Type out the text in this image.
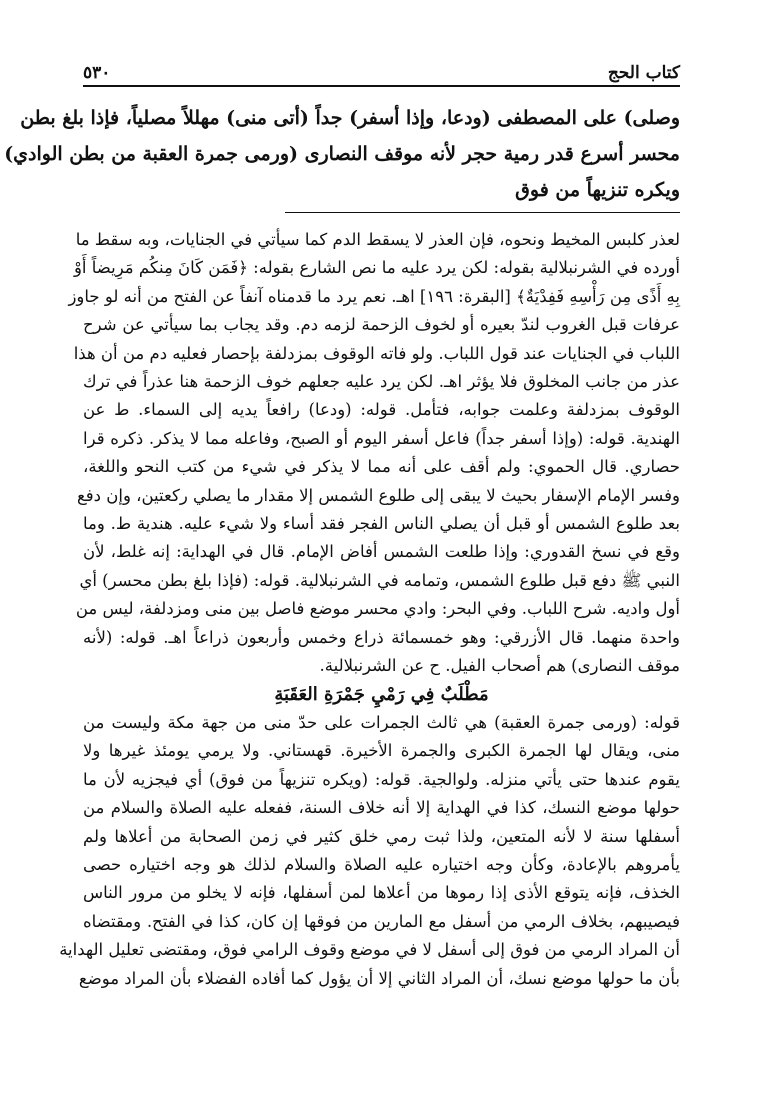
كتاب الحج
٥٣٠
وصلى) على المصطفى (ودعا، وإذا أسفر) جداً (أتى منى) مهللاً مصلياً، فإذا بلغ بطن
محسر أسرع قدر رمية حجر لأنه موقف النصارى (ورمى جمرة العقبة من بطن الوادي)
ويكره تنزيهاً من فوق
لعذر كلبس المخيط ونحوه، فإن العذر لا يسقط الدم كما سيأتي في الجنايات، وبه سقط ما
أورده في الشرنبلالية بقوله: لكن يرد عليه ما نص الشارع بقوله: ﴿فَمَن كَانَ مِنكُم مَرِيضاً أَوْ
بِهِ أَذًى مِن رَأْسِهِ فَفِدْيَةٌ﴾ [البقرة: ١٩٦] اهـ. نعم يرد ما قدمناه آنفاً عن الفتح من أنه لو جاوز
عرفات قبل الغروب لندّ بعيره أو لخوف الزحمة لزمه دم. وقد يجاب بما سيأتي عن شرح
اللباب في الجنايات عند قول اللباب. ولو فاته الوقوف بمزدلفة بإحصار فعليه دم من أن هذا
عذر من جانب المخلوق فلا يؤثر اهـ. لكن يرد عليه جعلهم خوف الزحمة هنا عذراً في ترك
الوقوف بمزدلفة وعلمت جوابه، فتأمل. قوله: (ودعا) رافعاً يديه إلى السماء. ط عن
الهندية. قوله: (وإذا أسفر جداً) فاعل أسفر اليوم أو الصبح، وفاعله مما لا يذكر. ذكره قرا
حصاري. قال الحموي: ولم أقف على أنه مما لا يذكر في شيء من كتب النحو واللغة،
وفسر الإمام الإسفار بحيث لا يبقى إلى طلوع الشمس إلا مقدار ما يصلي ركعتين، وإن دفع
بعد طلوع الشمس أو قبل أن يصلي الناس الفجر فقد أساء ولا شيء عليه. هندية ط. وما
وقع في نسخ القدوري: وإذا طلعت الشمس أفاض الإمام. قال في الهداية: إنه غلط، لأن
النبي ﷺ دفع قبل طلوع الشمس، وتمامه في الشرنبلالية. قوله: (فإذا بلغ بطن محسر) أي
أول واديه. شرح اللباب. وفي البحر: وادي محسر موضع فاصل بين منى ومزدلفة، ليس من
واحدة منهما. قال الأزرقي: وهو خمسمائة ذراع وخمس وأربعون ذراعاً اهـ. قوله: (لأنه
موقف النصارى) هم أصحاب الفيل. ح عن الشرنبلالية.
مَطْلَبٌ فِي رَمْيِ جَمْرَةِ العَقَبَةِ
قوله: (ورمى جمرة العقبة) هي ثالث الجمرات على حدّ منى من جهة مكة وليست من
منى، ويقال لها الجمرة الكبرى والجمرة الأخيرة. قهستاني. ولا يرمي يومئذ غيرها ولا
يقوم عندها حتى يأتي منزله. ولوالجية. قوله: (ويكره تنزيهاً من فوق) أي فيجزيه لأن ما
حولها موضع النسك، كذا في الهداية إلا أنه خلاف السنة، ففعله عليه الصلاة والسلام من
أسفلها سنة لا لأنه المتعين، ولذا ثبت رمي خلق كثير في زمن الصحابة من أعلاها ولم
يأمروهم بالإعادة، وكأن وجه اختياره عليه الصلاة والسلام لذلك هو وجه اختياره حصى
الخذف، فإنه يتوقع الأذى إذا رموها من أعلاها لمن أسفلها، فإنه لا يخلو من مرور الناس
فيصيبهم، بخلاف الرمي من أسفل مع المارين من فوقها إن كان، كذا في الفتح. ومقتضاه
أن المراد الرمي من فوق إلى أسفل لا في موضع وقوف الرامي فوق، ومقتضى تعليل الهداية
بأن ما حولها موضع نسك، أن المراد الثاني إلا أن يؤول كما أفاده الفضلاء بأن المراد موضع
